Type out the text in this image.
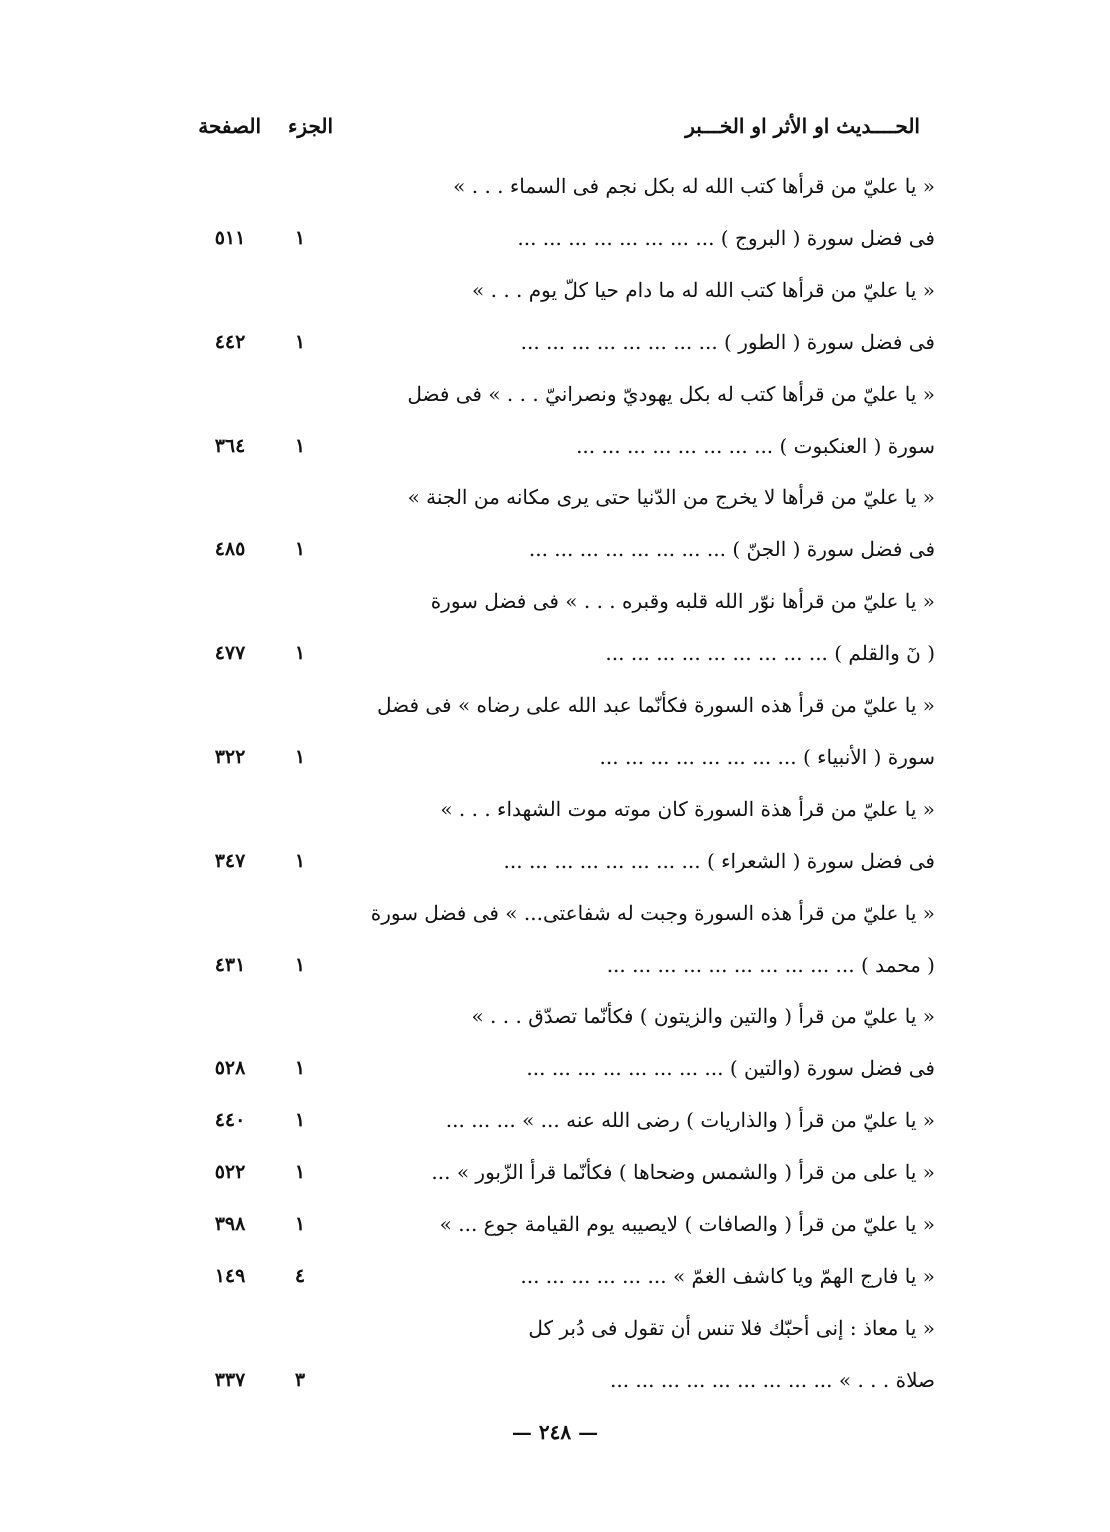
الحــــديث او الأثر او الخـــبر
الجزء
الصفحة
« يا عليّ من قرأها كتب الله له بكل نجم فى السماء . . . »
فى فضل سورة ( البروج ) ... ... ... ... ... ... ... ...
١
٥١١
« يا عليّ من قرأها كتب الله له ما دام حيا كلّ يوم . . . »
فى فضل سورة ( الطور ) ... ... ... ... ... ... ... ...
١
٤٤٢
« يا عليّ من قرأها كتب له بكل يهوديّ ونصرانيّ . . . » فى فضل
سورة ( العنكبوت ) ... ... ... ... ... ... ... ...
١
٣٦٤
« يا عليّ من قرأها لا يخرج من الدّنيا حتى يرى مكانه من الجنة »
فى فضل سورة ( الجنّ ) ... ... ... ... ... ... ... ...
١
٤٨٥
« يا عليّ من قرأها نوّر الله قلبه وقبره . . . » فى فضل سورة
( نٓ والقلم ) ... ... ... ... ... ... ... ... ...
١
٤٧٧
« يا عليّ من قرأ هذه السورة فكأنّما عبد الله على رضاه » فى فضل
سورة ( الأنبياء ) ... ... ... ... ... ... ... ...
١
٣٢٢
« يا عليّ من قرأ هذة السورة كان موته موت الشهداء . . . »
فى فضل سورة ( الشعراء ) ... ... ... ... ... ... ... ...
١
٣٤٧
« يا عليّ من قرأ هذه السورة وجبت له شفاعتى... » فى فضل سورة
( محمد ) ... ... ... ... ... ... ... ... ... ...
١
٤٣١
« يا عليّ من قرأ ( والتين والزيتون ) فكأنّما تصدّق . . . »
فى فضل سورة (والتين ) ... ... ... ... ... ... ... ...
١
٥٢٨
« يا عليّ من قرأ ( والذاريات ) رضى الله عنه ... » ... ... ...
١
٤٤٠
« يا على من قرأ ( والشمس وضحاها ) فكأنّما قرأ الزّبور » ...
١
٥٢٢
« يا عليّ من قرأ ( والصافات ) لايصيبه يوم القيامة جوع ... »
١
٣٩٨
« يا فارج الهمّ ويا كاشف الغمّ » ... ... ... ... ... ...
٤
١٤٩
« يا معاذ : إنى أحبّك فلا تنس أن تقول فى دُبر كل
صلاة . . . » ... ... ... ... ... ... ... ... ...
٣
٣٣٧
— ٢٤٨ —
